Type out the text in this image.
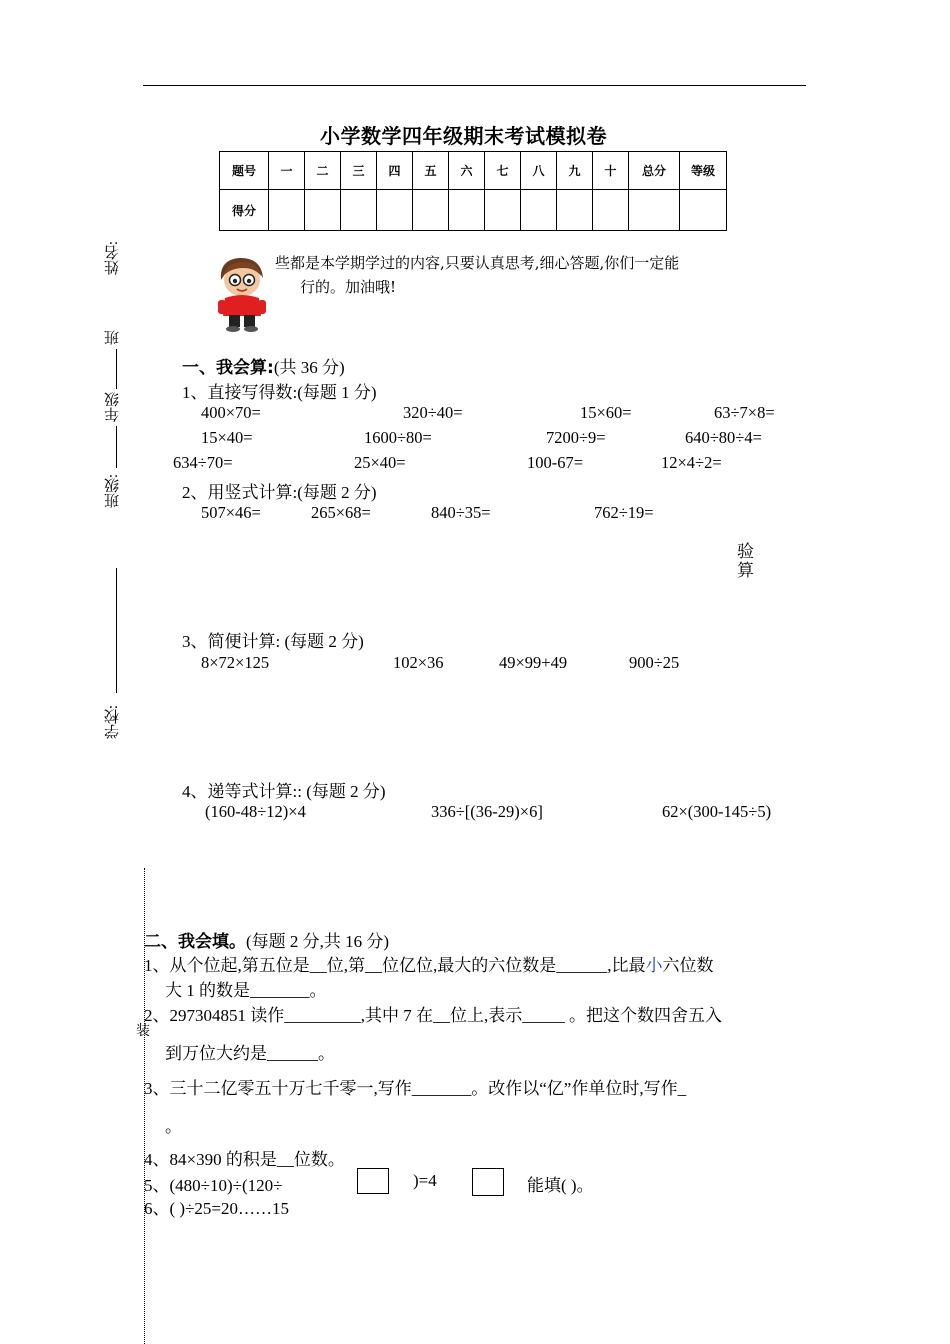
小学数学四年级期末考试模拟卷
题号	一	二	三	四	五	六	七	八	九	十	总分	等级
得分												
姓名:
班
年级
班级:
学校:
装
些都是本学期学过的内容,只要认真思考,细心答题,你们一定能
行的。加油哦!
一、我会算:(共 36 分)
1、直接写得数:(每题 1 分)
400×70=	320÷40=	15×60=	63÷7×8=
15×40=	1600÷80=	7200÷9=	640÷80÷4=
634÷70=	25×40=	100-67=	12×4÷2=
2、用竖式计算:(每题 2 分)
507×46=	265×68=	840÷35=	762÷19=
验
算
3、简便计算: (每题 2 分)
8×72×125	102×36	49×99+49	900÷25
4、递等式计算:: (每题 2 分)
(160-48÷12)×4	336÷[(36-29)×6]	62×(300-145÷5)
二、我会填。(每题 2 分,共 16 分)
1、从个位起,第五位是__位,第__位亿位,最大的六位数是______,比最小六位数
大 1 的数是_______。
2、297304851 读作_________,其中 7 在__位上,表示_____ 。把这个数四舍五入
到万位大约是______。
3、三十二亿零五十万七千零一,写作_______。改作以“亿”作单位时,写作_
。
4、84×390 的积是__位数。
5、(480÷10)÷(120÷	)=4	能填( )。
6、( )÷25=20……15
